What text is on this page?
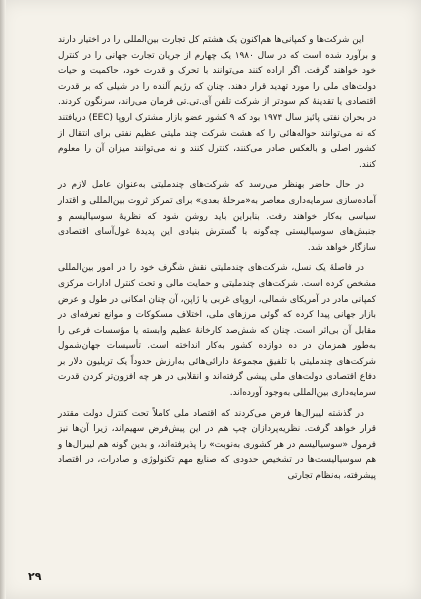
این شرکت‌ها و کمپانی‌ها هم‌اکنون یک هشتم کل تجارت بین‌المللی را در اختیار دارند و برآورد شده است که در سال ۱۹۸۰ یک چهارم از جریان تجارت جهانی را در کنترل خود خواهند گرفت. اگر اراده کنند می‌توانند با تحرک و قدرت خود، حاکمیت و حیات دولت‌های ملی را مورد تهدید قرار دهند. چنان که رژیم آلنده را در شیلی که بر قدرت اقتصادی یا تقدینهٔ کم سودتر از شرکت تلفن آی.تی.تی فرمان می‌راند، سرنگون کردند. در بحران نفتی پائیز سال ۱۹۷۴ بود که ۹ کشور عضو بازار مشترک اروپا (EEC) دریافتند که نه می‌توانند حواله‌هائی را که هشت شرکت چند ملیتی عظیم نفتی برای انتقال از کشور اصلی و بالعکس صادر می‌کنند، کنترل کنند و نه می‌توانند میزان آن را معلوم کنند.

در حال حاضر بهنظر می‌رسد که شرکت‌های چندملیتی به‌عنوان عامل لازم در آماده‌سازی سرمایه‌داری معاصر به«مرحلهٔ بعدی» برای تمرکز ثروت بین‌المللی و اقتدار سیاسی به‌کار خواهند رفت. بنابراین باید روشن شود که نظریهٔ سوسیالیسم و جنبش‌های سوسیالیستی چه‌گونه با گسترش بنیادی این پدیدهٔ غول‌آسای اقتصادی سازگار خواهد شد.

در فاصلهٔ یک نسل، شرکت‌های چندملیتی نقش شگرف خود را در امور بین‌المللی مشخص کرده است. شرکت‌های چندملیتی و حمایت مالی و تحت کنترل ادارات مرکزی کمپانی مادر در آمریکای شمالی، اروپای غربی یا ژاپن، آن چنان امکانی در طول و عرض بازار جهانی پیدا کرده که گوئی مرزهای ملی، اختلاف مسکوکات و موانع تعرفه‌ای در مقابل آن بی‌اثر است. چنان که شش‌صد کارخانهٔ عظیم وابسته یا مؤسسات فرعی را به‌طور همزمان در ده دوازده کشور به‌کار انداخته است. تأسیسات جهان‌شمول شرکت‌های چندملیتی با تلفیق مجموعهٔ دارائی‌هائی به‌ارزش حدوداً یک تریلیون دلار بر دفاع اقتصادی دولت‌های ملی پیشی گرفته‌اند و انقلابی در هر چه افزون‌تر کردن قدرت سرمایه‌داری بین‌المللی به‌وجود آورده‌اند.

در گذشته لیبرال‌ها فرض می‌کردند که اقتصاد ملی کاملاً تحت کنترل دولت مقتدر قرار خواهد گرفت. نظریه‌پردازان چپ هم در این پیش‌فرض سهیم‌اند، زیرا آن‌ها نیز فرمول «سوسیالیسم در هر کشوری به‌نوبت» را پذیرفته‌اند، و بدین گونه هم لیبرال‌ها و هم سوسیالیست‌ها در تشخیص حدودی که صنایع مهم تکنولوژی و صادرات، در اقتصاد پیشرفته، به‌نظام تجارتی

۲۹
